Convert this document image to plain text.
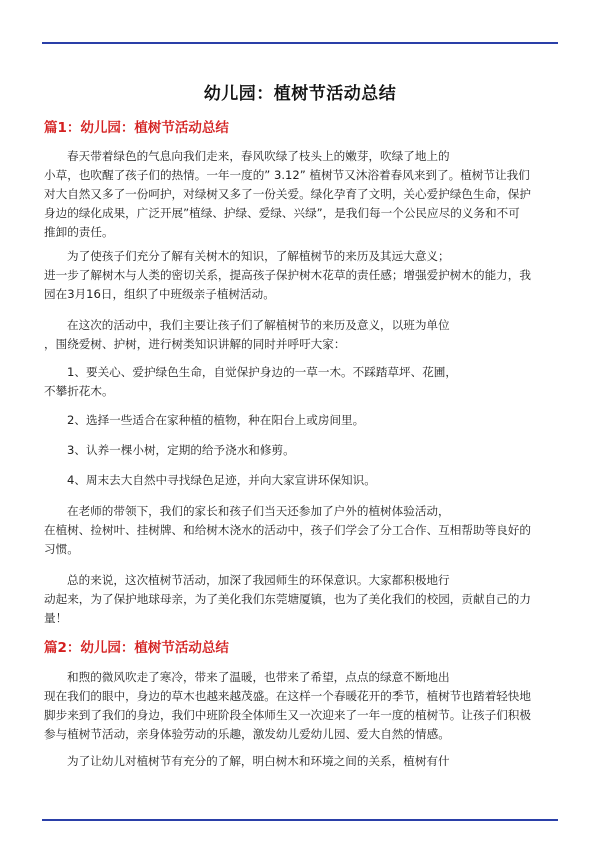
幼儿园：植树节活动总结
篇1：幼儿园：植树节活动总结
春天带着绿色的气息向我们走来，春风吹绿了枝头上的嫩芽，吹绿了地上的
小草，也吹醒了孩子们的热情。一年一度的” 3.12” 植树节又沐浴着春风来到了。植树节让我们
对大自然又多了一份呵护，对绿树又多了一份关爱。绿化孕育了文明，关心爱护绿色生命，保护
身边的绿化成果，广泛开展”植绿、护绿、爱绿、兴绿”，是我们每一个公民应尽的义务和不可
推卸的责任。
为了使孩子们充分了解有关树木的知识，了解植树节的来历及其远大意义；
进一步了解树木与人类的密切关系，提高孩子保护树木花草的责任感；增强爱护树木的能力，我
园在3月16日，组织了中班级亲子植树活动。
在这次的活动中，我们主要让孩子们了解植树节的来历及意义，以班为单位
，围绕爱树、护树，进行树类知识讲解的同时并呼吁大家：
1、要关心、爱护绿色生命，自觉保护身边的一草一木。不踩踏草坪、花圃，
不攀折花木。
2、选择一些适合在家种植的植物，种在阳台上或房间里。
3、认养一棵小树，定期的给予浇水和修剪。
4、周末去大自然中寻找绿色足迹，并向大家宣讲环保知识。
在老师的带领下，我们的家长和孩子们当天还参加了户外的植树体验活动，
在植树、捡树叶、挂树牌、和给树木浇水的活动中，孩子们学会了分工合作、互相帮助等良好的
习惯。
总的来说，这次植树节活动，加深了我园师生的环保意识。大家都积极地行
动起来，为了保护地球母亲，为了美化我们东莞塘厦镇，也为了美化我们的校园，贡献自己的力
量！
篇2：幼儿园：植树节活动总结
和煦的微风吹走了寒冷，带来了温暖，也带来了希望，点点的绿意不断地出
现在我们的眼中，身边的草木也越来越茂盛。在这样一个春暖花开的季节，植树节也踏着轻快地
脚步来到了我们的身边，我们中班阶段全体师生又一次迎来了一年一度的植树节。让孩子们积极
参与植树节活动，亲身体验劳动的乐趣，激发幼儿爱幼儿园、爱大自然的情感。
为了让幼儿对植树节有充分的了解，明白树木和环境之间的关系，植树有什
